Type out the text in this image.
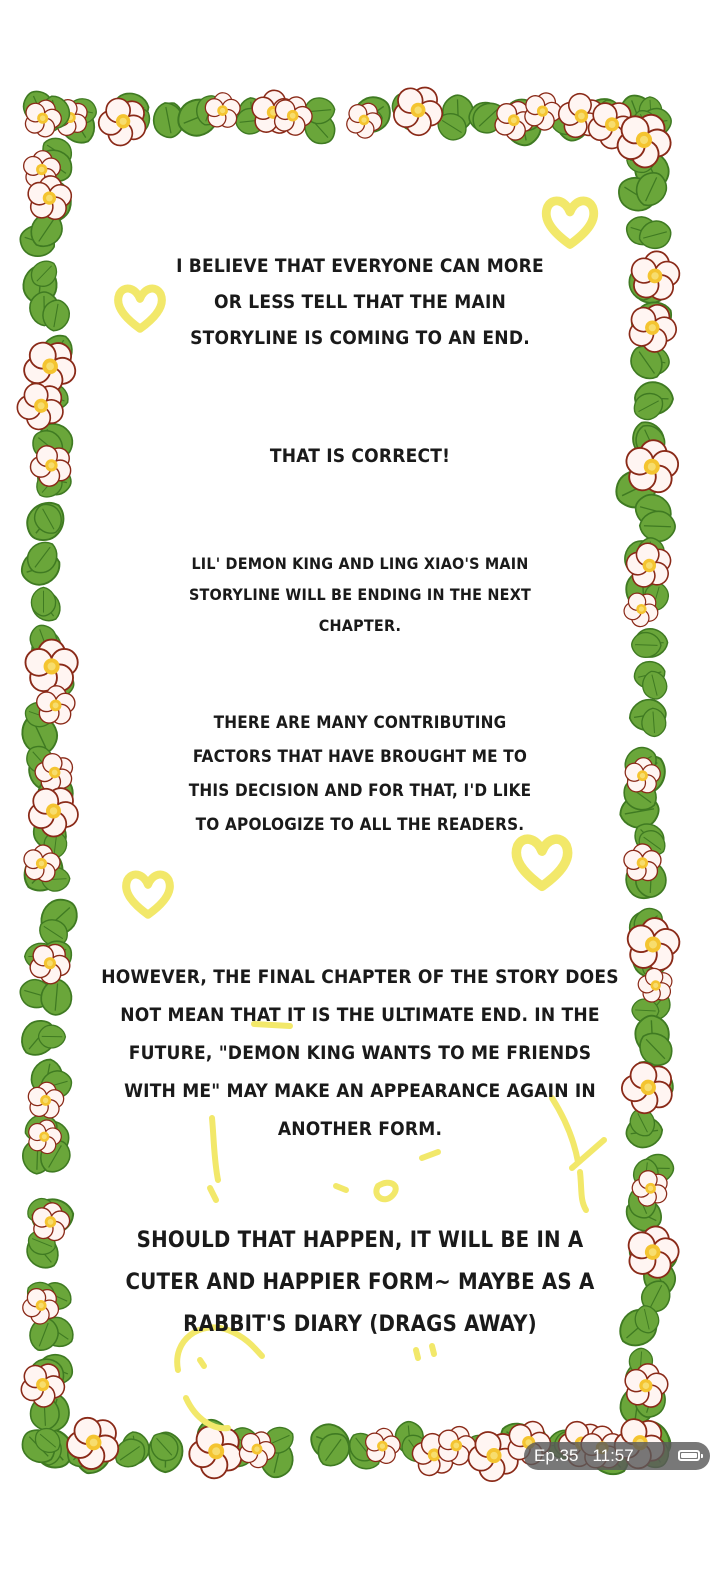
I BELIEVE THAT EVERYONE CAN MORE
OR LESS TELL THAT THE MAIN
STORYLINE IS COMING TO AN END.
THAT IS CORRECT!
LIL' DEMON KING AND LING XIAO'S MAIN
STORYLINE WILL BE ENDING IN THE NEXT
CHAPTER.
THERE ARE MANY CONTRIBUTING
FACTORS THAT HAVE BROUGHT ME TO
THIS DECISION AND FOR THAT, I'D LIKE
TO APOLOGIZE TO ALL THE READERS.
HOWEVER, THE FINAL CHAPTER OF THE STORY DOES
NOT MEAN THAT IT IS THE ULTIMATE END. IN THE
FUTURE, "DEMON KING WANTS TO ME FRIENDS
WITH ME" MAY MAKE AN APPEARANCE AGAIN IN
ANOTHER FORM.
SHOULD THAT HAPPEN, IT WILL BE IN A
CUTER AND HAPPIER FORM~ MAYBE AS A
RABBIT'S DIARY (DRAGS AWAY)
Ep.35 11:57
